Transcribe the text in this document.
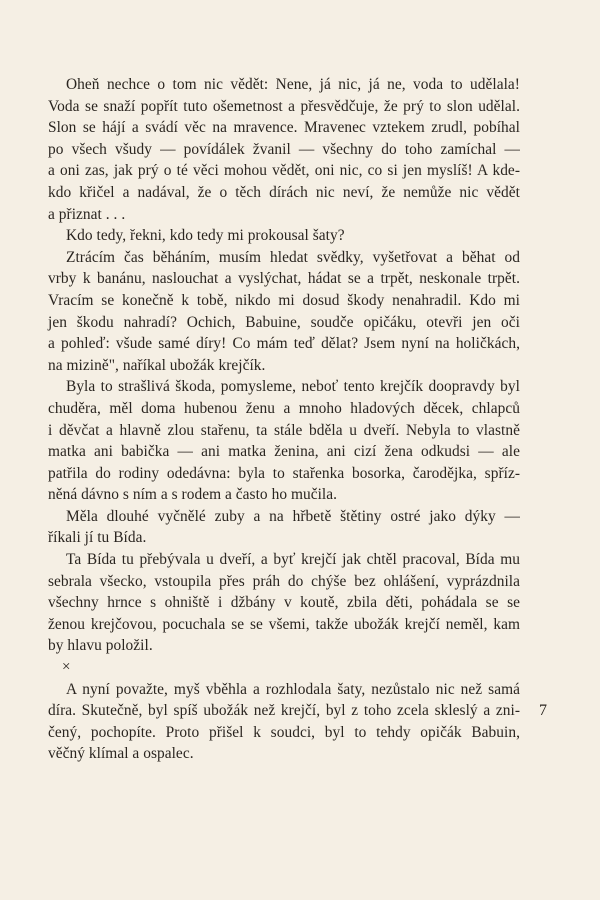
Oheň nechce o tom nic vědět: Nene, já nic, já ne, voda to udělala!
Voda se snaží popřít tuto ošemetnost a přesvědčuje, že prý to slon udělal.
Slon se hájí a svádí věc na mravence. Mravenec vztekem zrudl, pobíhal
po všech všudy — povídálek žvanil — všechny do toho zamíchal —
a oni zas, jak prý o té věci mohou vědět, oni nic, co si jen myslíš! A kde-
kdo křičel a nadával, že o těch dírách nic neví, že nemůže nic vědět
a přiznat . . .
Kdo tedy, řekni, kdo tedy mi prokousal šaty?
Ztrácím čas běháním, musím hledat svědky, vyšetřovat a běhat od
vrby k banánu, naslouchat a vyslýchat, hádat se a trpět, neskonale trpět.
Vracím se konečně k tobě, nikdo mi dosud škody nenahradil. Kdo mi
jen škodu nahradí? Ochich, Babuine, soudče opičáku, otevři jen oči
a pohleď: všude samé díry! Co mám teď dělat? Jsem nyní na holičkách,
na mizině", naříkal ubožák krejčík.
Byla to strašlivá škoda, pomysleme, neboť tento krejčík doopravdy byl
chuděra, měl doma hubenou ženu a mnoho hladových děcek, chlapců
i děvčat a hlavně zlou stařenu, ta stále bděla u dveří. Nebyla to vlastně
matka ani babička — ani matka ženina, ani cizí žena odkudsi — ale
patřila do rodiny odedávna: byla to stařenka bosorka, čarodějka, spříz-
něná dávno s ním a s rodem a často ho mučila.
Měla dlouhé vyčnělé zuby a na hřbetě štětiny ostré jako dýky —
říkali jí tu Bída.
Ta Bída tu přebývala u dveří, a byť krejčí jak chtěl pracoval, Bída mu
sebrala všecko, vstoupila přes práh do chýše bez ohlášení, vyprázdnila
všechny hrnce s ohniště i džbány v koutě, zbila děti, pohádala se se
ženou krejčovou, pocuchala se se všemi, takže ubožák krejčí neměl, kam
by hlavu položil.
×
A nyní považte, myš vběhla a rozhlodala šaty, nezůstalo nic než samá
díra. Skutečně, byl spíš ubožák než krejčí, byl z toho zcela skleslý a zni-
čený, pochopíte. Proto přišel k soudci, byl to tehdy opičák Babuin,
věčný klímal a ospalec.
7
